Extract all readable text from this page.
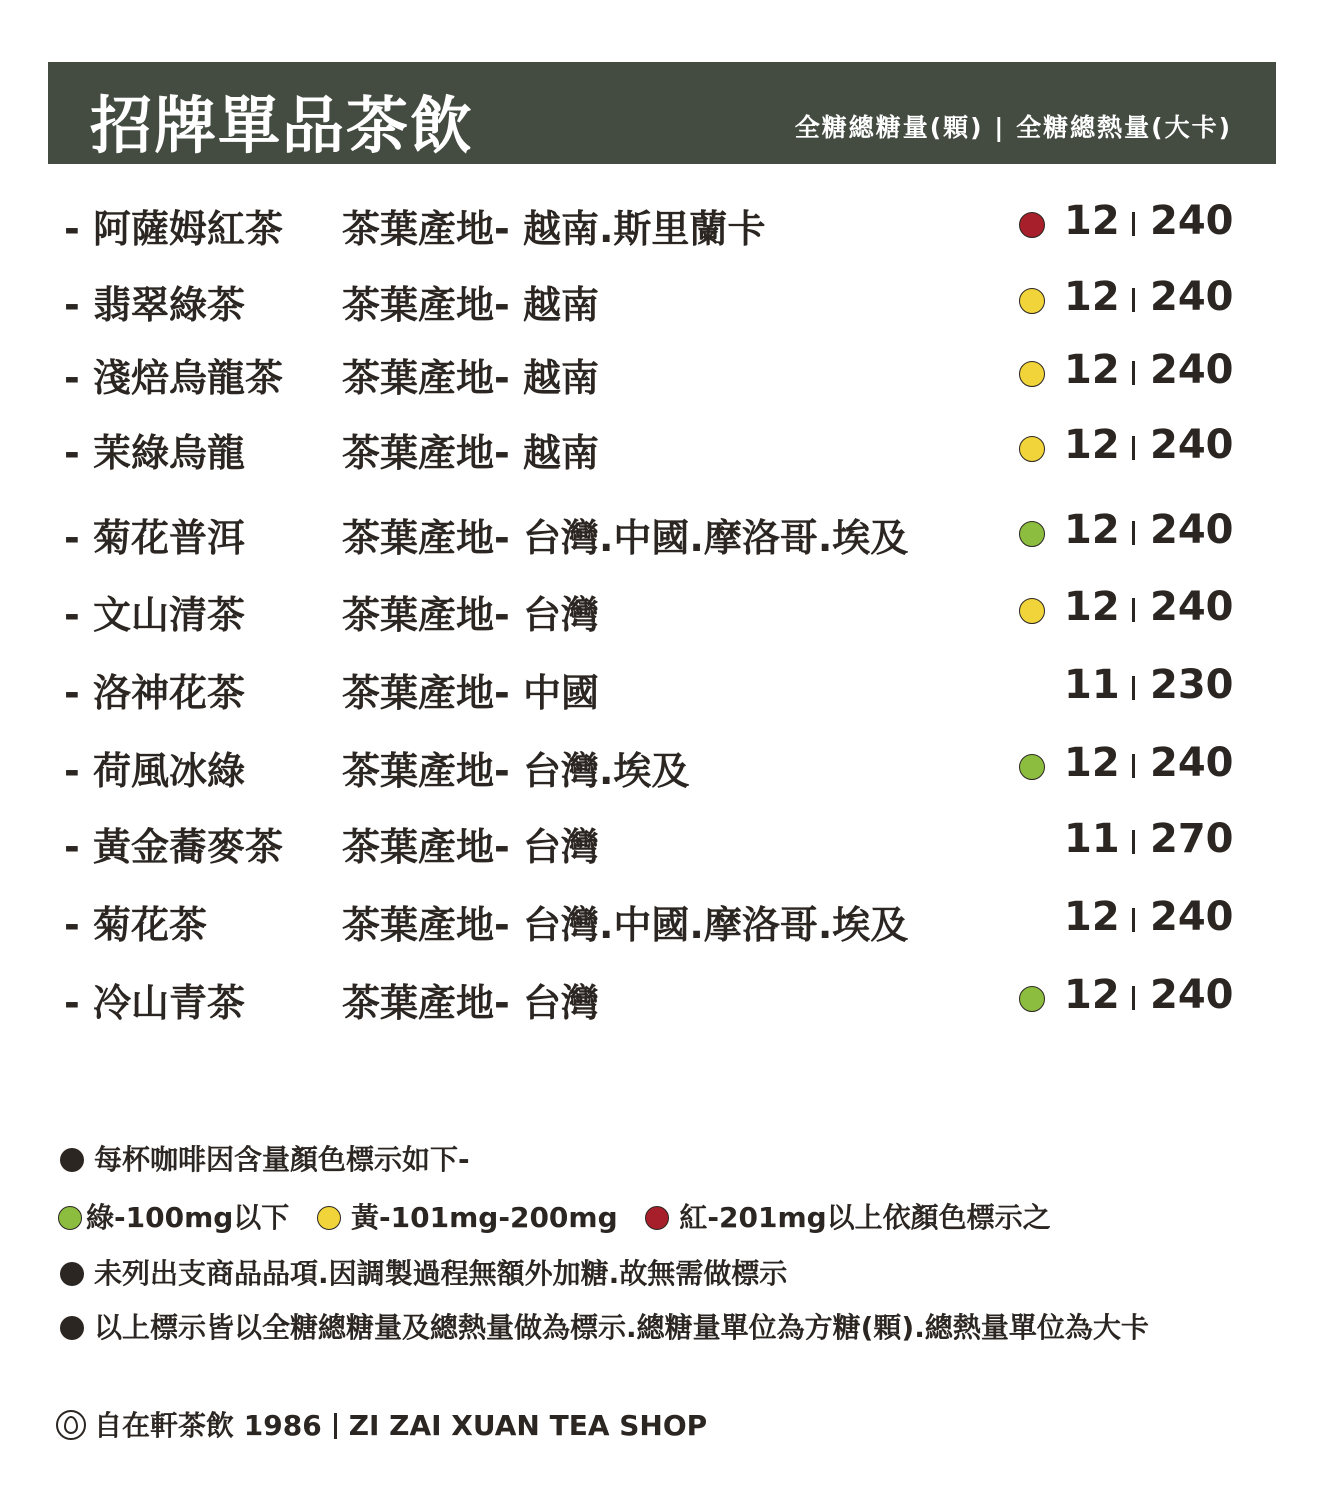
招牌單品茶飲	全糖總糖量(顆) | 全糖總熱量(大卡)
- 阿薩姆紅茶 茶葉產地- 越南.斯里蘭卡	12 240
- 翡翠綠茶	茶葉產地- 越南	12 240
- 淺焙烏龍茶 茶葉產地- 越南	12 240
- 茉綠烏龍	茶葉產地- 越南	12 240
- 菊花普洱	茶葉產地- 台灣.中國.摩洛哥.埃及	12 240
- 文山清茶	茶葉產地- 台灣	12 240
- 洛神花茶	茶葉產地- 中國	11 230
- 荷風冰綠	茶葉產地- 台灣.埃及	12 240
- 黃金蕎麥茶 茶葉產地- 台灣	11 270
- 菊花茶	茶葉產地- 台灣.中國.摩洛哥.埃及	12 240
- 冷山青茶	茶葉產地- 台灣	12 240
每杯咖啡因含量顏色標示如下-
綠-100mg以下 黃-101mg-200mg 紅-201mg以上依顏色標示之
未列出支商品品項.因調製過程無額外加糖.故無需做標示
以上標示皆以全糖總糖量及總熱量做為標示.總糖量單位為方糖(顆).總熱量單位為大卡
自在軒茶飲 1986 ZI ZAI XUAN TEA SHOP
